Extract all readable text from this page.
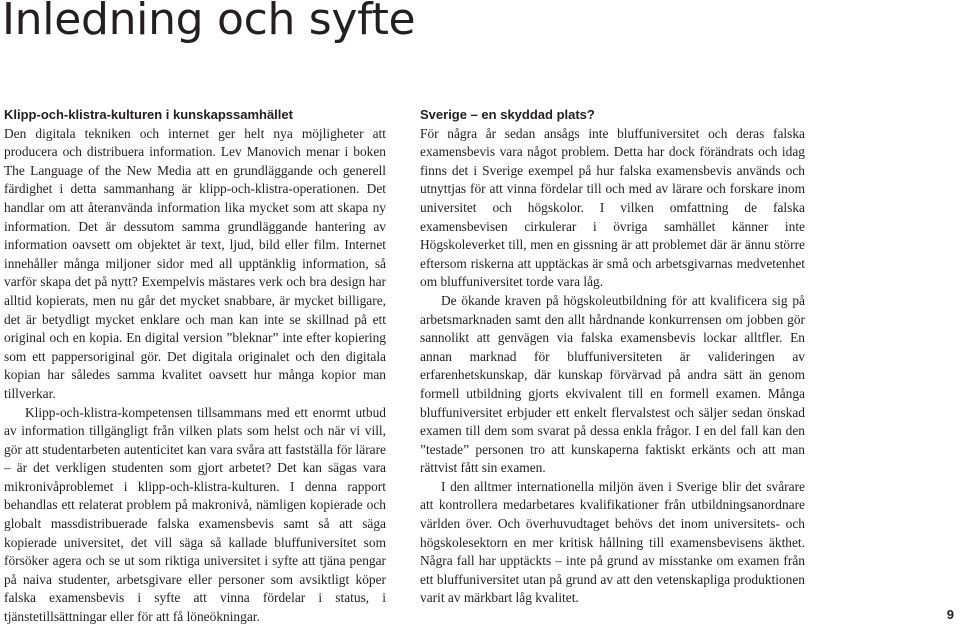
Inledning och syfte

Klipp-och-klistra-kulturen i kunskapssamhället

Den digitala tekniken och internet ger helt nya möjligheter att producera och distribuera information. Lev Manovich menar i boken The Language of the New Media att en grundläggande och generell färdighet i detta sammanhang är klipp-och-klistra-operationen. Det handlar om att återanvända information lika mycket som att skapa ny information. Det är dessutom samma grundläggande hantering av information oavsett om objektet är text, ljud, bild eller film. Internet innehåller många miljoner sidor med all upptänklig information, så varför skapa det på nytt? Exempelvis mästares verk och bra design har alltid kopierats, men nu går det mycket snabbare, är mycket billigare, det är betydligt mycket enklare och man kan inte se skillnad på ett original och en kopia. En digital version ”bleknar” inte efter kopiering som ett pappersoriginal gör. Det digitala originalet och den digitala kopian har således samma kvalitet oavsett hur många kopior man tillverkar.

Klipp-och-klistra-kompetensen tillsammans med ett enormt utbud av information tillgängligt från vilken plats som helst och när vi vill, gör att studentarbeten autenticitet kan vara svåra att fastställa för lärare – är det verkligen studenten som gjort arbetet? Det kan sägas vara mikronivåproblemet i klipp-och-klistra-kulturen. I denna rapport behandlas ett relaterat problem på makronivå, nämligen kopierade och globalt massdistribuerade falska examensbevis samt så att säga kopierade universitet, det vill säga så kallade bluffuniversitet som försöker agera och se ut som riktiga universitet i syfte att tjäna pengar på naiva studenter, arbetsgivare eller personer som avsiktligt köper falska examensbevis i syfte att vinna fördelar i status, i tjänstetillsättningar eller för att få löneökningar.

Sverige – en skyddad plats?

För några år sedan ansågs inte bluffuniversitet och deras falska examensbevis vara något problem. Detta har dock förändrats och idag finns det i Sverige exempel på hur falska examensbevis används och utnyttjas för att vinna fördelar till och med av lärare och forskare inom universitet och högskolor. I vilken omfattning de falska examensbevisen cirkulerar i övriga samhället känner inte Högskoleverket till, men en gissning är att problemet där är ännu större eftersom riskerna att upptäckas är små och arbetsgivarnas medvetenhet om bluffuniversitet torde vara låg.

De ökande kraven på högskoleutbildning för att kvalificera sig på arbetsmarknaden samt den allt hårdnande konkurrensen om jobben gör sannolikt att genvägen via falska examensbevis lockar alltfler. En annan marknad för bluffuniversiteten är valideringen av erfarenhetskunskap, där kunskap förvärvad på andra sätt än genom formell utbildning gjorts ekvivalent till en formell examen. Många bluffuniversitet erbjuder ett enkelt flervalstest och säljer sedan önskad examen till dem som svarat på dessa enkla frågor. I en del fall kan den ”testade” personen tro att kunskaperna faktiskt erkänts och att man rättvist fått sin examen.

I den alltmer internationella miljön även i Sverige blir det svårare att kontrollera medarbetares kvalifikationer från utbildningsanordnare världen över. Och överhuvudtaget behövs det inom universitets- och högskolesektorn en mer kritisk hållning till examensbevisens äkthet. Några fall har upptäckts – inte på grund av misstanke om examen från ett bluffuniversitet utan på grund av att den vetenskapliga produktionen varit av märkbart låg kvalitet.

9
